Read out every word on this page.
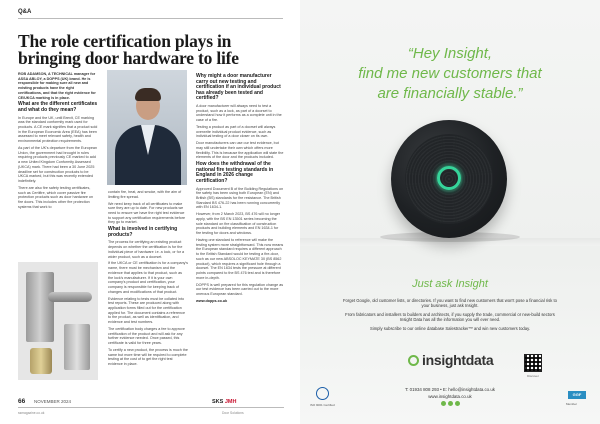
Q&A
The role certification plays in bringing door hardware to life

ROB ADAMSON, A TECHNICAL manager for ASSA ABLOY, a DOPPS (UK) brand. He is responsible for making sure all new and existing products have the right certifications, and that the right evidence for CE/UKCA marking is in place.

What are the different certificates and what do they mean?

In Europe and the UK, until Brexit, CE marking was the standard conformity mark used for products. A CE mark signifies that a product sold in the European Economic Area (EEA) has been assessed to meet relevant safety, health and environmental protection requirements.

As part of the UK's departure from the European Union, the government had brought in rules requiring products previously CE marked to add a new United Kingdom Conformity Assessed (UKCA) mark. There had been a 30 June 2025 deadline set for construction products to be UKCA marked, but this was recently extended indefinitely.

There are also fire safety testing certificates, such as Certifire, which cover passive fire protection products such as door hardware on fire doors. This includes other fire protection systems that work to

contain fire, heat, and smoke, with the aim of limiting fire spread.

We need keep track of all certificates to make sure they are up to date. For new products we need to ensure we have the right test evidence to support any certification requirements before they go to market.

What is involved in certifying products?

The process for certifying an existing product depends on whether the certification is for the individual piece of hardware i.e. a lock, or for a wider product, such as a doorset.

If the UKCA or CE certification is for a company's name, there must be mechanism and the evidence that applies to that product, such as the lock's manufacturer. If it is your own company's product and certification, your company is responsible for keeping track of changes and modifications of that product.

Evidence relating to tests must be collated into test reports. These are produced along with application forms filled out for the certification applied for. The document contains a reference to the product, as well as identification, and evidence and test numbers.

The certification body charges a fee to approve certification of the product and will ask for any further evidence needed. Once passed, this certificate is valid for three years.

To certify a new product, the process is much the same but more time will be required to complete testing at the cost of to get the right test evidence in place.

Why might a door manufacturer carry out new testing and certification if an individual product has already been tested and certified?

A door manufacturer will always need to test a product, such as a lock, as part of a doorset to understand how it performs as a complete unit in the case of a fire.

Testing a product as part of a doorset will always overwrite individual product evidence, such as individual testing of a door closer on its own.

Door manufacturers can use our test evidence, but may still undertake their own which offers more flexibility. This is because the application will state the elements of the door and the products included.

How does the withdrawal of the national fire testing standards in England in 2026 change certification?

Approved Document B of the Building Regulations on fire safety has been using both European (EN) and British (BS) standards for fire resistance. The British Standard BS 476-22 has been running concurrently with EN 1634-1.

However, from 2 March 2023, BS 476 will no longer apply, with the BS EN 13501 series becoming the sole standard on fire classification of construction products and building elements and EN 1634-1 for fire testing for doors and windows.

Having one standard to reference will make the testing system more straightforward. This now means the European standard requires a different approach to the British Standard would be testing a fire-door, such as our new ABSOLOC KEYMATE 30 (BS 8562 product), which requires a significant hole through a doorset. The EN 1634 tests the pressure at different points compared to the BS 476 test and is therefore more in-depth.

DOPPS is well prepared for this regulation change as our test evidence has been carried out to the more onerous European standard.

www.dopps.co.uk

66 NOVEMBER 2024	SKS JMH
ssmagazine.co.uk	Door Solutions
“Hey Insight,
find me new customers that
are financially stable.”
Just ask Insight

Forget Google, old customer lists, or directories. If you want to find new customers that won't pose a financial risk to your business, just ask Insight.

From fabricators and installers to builders and architects, if you supply the trade, commercial or new-build sectors Insight Data has all the information you will ever need.

Simply subscribe to our online database Salestracker™ and win new customers today.

insightdata
Discover
T: 01934 808 293 • E: hello@insightdata.co.uk
www.insightdata.co.uk
ISO 9001 Certified
GGF
Member
